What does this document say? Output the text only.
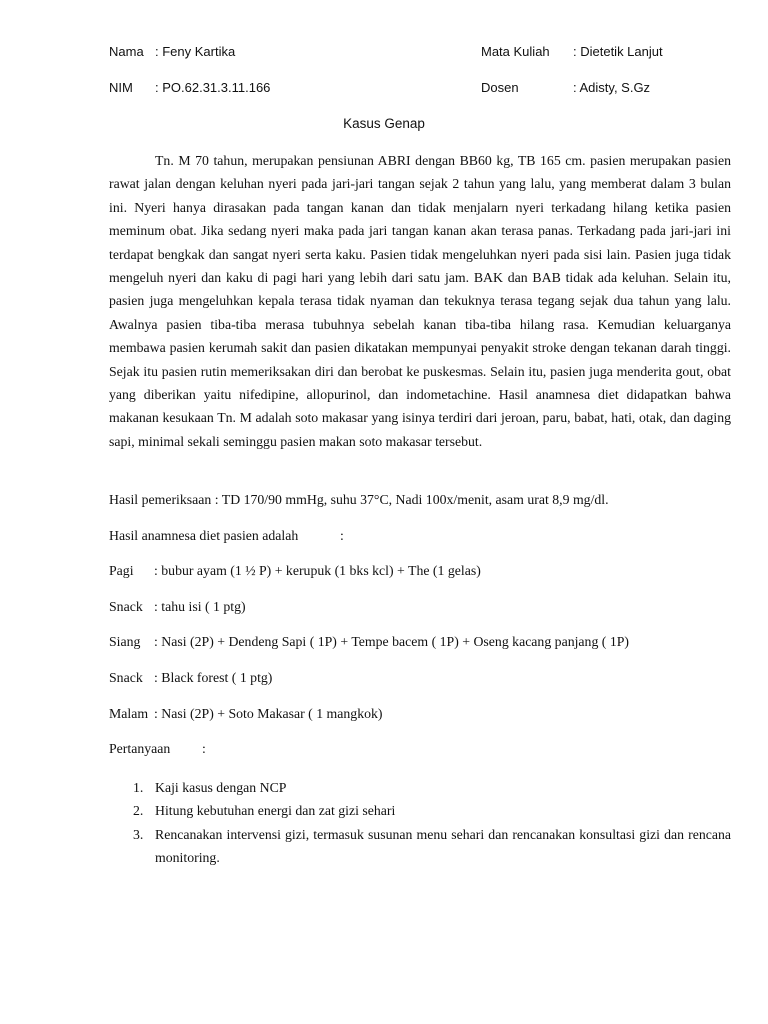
Nama : Feny Kartika	Mata Kuliah : Dietetik Lanjut
NIM : PO.62.31.3.11.166	Dosen	: Adisty, S.Gz
Kasus Genap

Tn. M 70 tahun, merupakan pensiunan ABRI dengan BB60 kg, TB 165 cm. pasien merupakan pasien rawat jalan dengan keluhan nyeri pada jari-jari tangan sejak 2 tahun yang lalu, yang memberat dalam 3 bulan ini. Nyeri hanya dirasakan pada tangan kanan dan tidak menjalarn nyeri terkadang hilang ketika pasien meminum obat. Jika sedang nyeri maka pada jari tangan kanan akan terasa panas. Terkadang pada jari-jari ini terdapat bengkak dan sangat nyeri serta kaku. Pasien tidak mengeluhkan nyeri pada sisi lain. Pasien juga tidak mengeluh nyeri dan kaku di pagi hari yang lebih dari satu jam. BAK dan BAB tidak ada keluhan. Selain itu, pasien juga mengeluhkan kepala terasa tidak nyaman dan tekuknya terasa tegang sejak dua tahun yang lalu. Awalnya pasien tiba-tiba merasa tubuhnya sebelah kanan tiba-tiba hilang rasa. Kemudian keluarganya membawa pasien kerumah sakit dan pasien dikatakan mempunyai penyakit stroke dengan tekanan darah tinggi. Sejak itu pasien rutin memeriksakan diri dan berobat ke puskesmas. Selain itu, pasien juga menderita gout, obat yang diberikan yaitu nifedipine, allopurinol, dan indometachine. Hasil anamnesa diet didapatkan bahwa makanan kesukaan Tn. M adalah soto makasar yang isinya terdiri dari jeroan, paru, babat, hati, otak, dan daging sapi, minimal sekali seminggu pasien makan soto makasar tersebut.

Hasil pemeriksaan : TD 170/90 mmHg, suhu 37°C, Nadi 100x/menit, asam urat 8,9 mg/dl.
Hasil anamnesa diet pasien adalah	:
Pagi : bubur ayam (1 ½ P) + kerupuk (1 bks kcl) + The (1 gelas)
Snack : tahu isi ( 1 ptg)
Siang : Nasi (2P) + Dendeng Sapi ( 1P) + Tempe bacem ( 1P) + Oseng kacang panjang ( 1P)
Snack : Black forest ( 1 ptg)
Malam : Nasi (2P) + Soto Makasar ( 1 mangkok)
Pertanyaan :
1. Kaji kasus dengan NCP
2. Hitung kebutuhan energi dan zat gizi sehari
3. Rencanakan intervensi gizi, termasuk susunan menu sehari dan rencanakan konsultasi gizi dan rencana monitoring.
